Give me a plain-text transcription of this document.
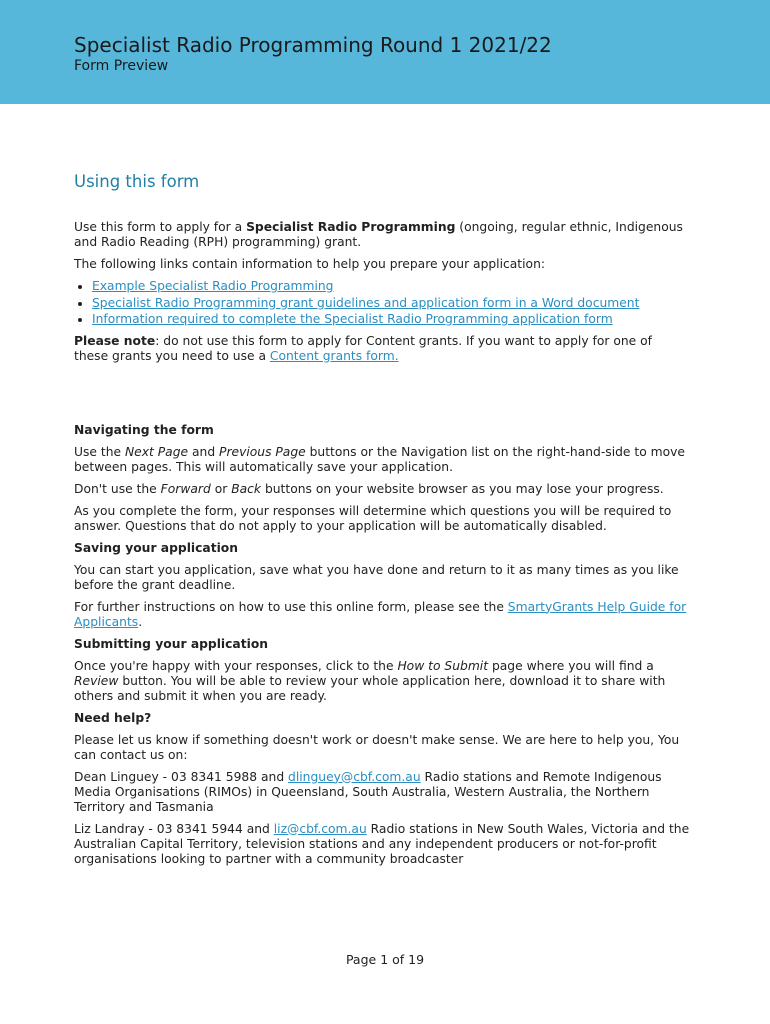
Specialist Radio Programming Round 1 2021/22
Form Preview
Using this form

Use this form to apply for a Specialist Radio Programming (ongoing, regular ethnic, Indigenous and Radio Reading (RPH) programming) grant.

The following links contain information to help you prepare your application:

• Example Specialist Radio Programming
• Specialist Radio Programming grant guidelines and application form in a Word document
• Information required to complete the Specialist Radio Programming application form

Please note: do not use this form to apply for Content grants. If you want to apply for one of these grants you need to use a Content grants form.

Navigating the form

Use the Next Page and Previous Page buttons or the Navigation list on the right-hand-side to move between pages. This will automatically save your application.

Don't use the Forward or Back buttons on your website browser as you may lose your progress.

As you complete the form, your responses will determine which questions you will be required to answer. Questions that do not apply to your application will be automatically disabled.

Saving your application

You can start you application, save what you have done and return to it as many times as you like before the grant deadline.

For further instructions on how to use this online form, please see the SmartyGrants Help Guide for Applicants.

Submitting your application

Once you're happy with your responses, click to the How to Submit page where you will find a Review button. You will be able to review your whole application here, download it to share with others and submit it when you are ready.

Need help?

Please let us know if something doesn't work or doesn't make sense. We are here to help you, You can contact us on:

Dean Linguey - 03 8341 5988 and dlinguey@cbf.com.au Radio stations and Remote Indigenous Media Organisations (RIMOs) in Queensland, South Australia, Western Australia, the Northern Territory and Tasmania

Liz Landray - 03 8341 5944 and liz@cbf.com.au Radio stations in New South Wales, Victoria and the Australian Capital Territory, television stations and any independent producers or not-for-profit organisations looking to partner with a community broadcaster

Page 1 of 19
